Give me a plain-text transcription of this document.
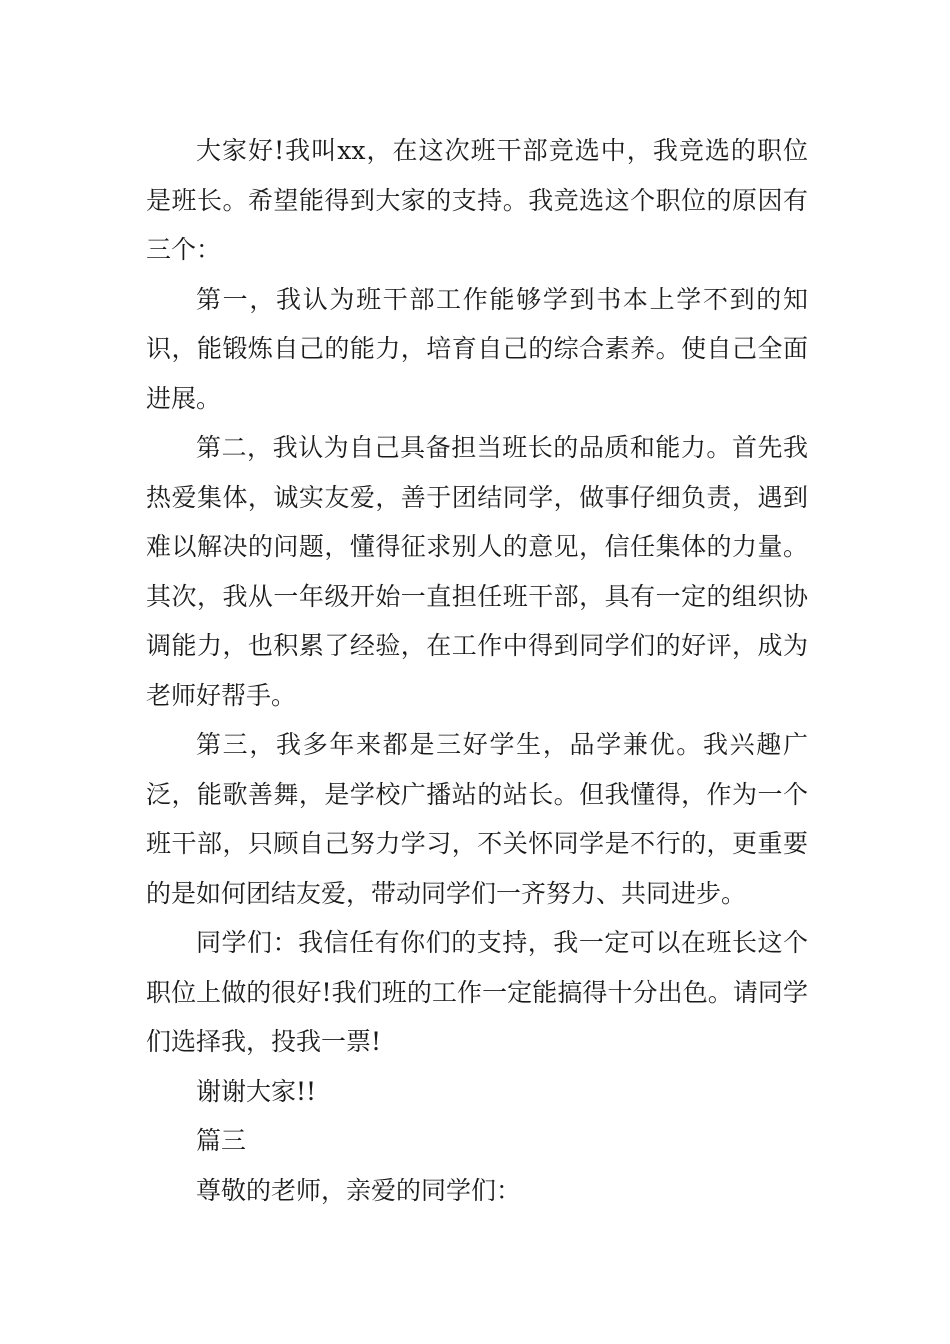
大家好!我叫xx，在这次班干部竞选中，我竞选的职位是班长。希望能得到大家的支持。我竞选这个职位的原因有三个：

第一，我认为班干部工作能够学到书本上学不到的知识，能锻炼自己的能力，培育自己的综合素养。使自己全面进展。

第二，我认为自己具备担当班长的品质和能力。首先我热爱集体，诚实友爱，善于团结同学，做事仔细负责，遇到难以解决的问题，懂得征求别人的意见，信任集体的力量。其次，我从一年级开始一直担任班干部，具有一定的组织协调能力，也积累了经验，在工作中得到同学们的好评，成为老师好帮手。

第三，我多年来都是三好学生，品学兼优。我兴趣广泛，能歌善舞，是学校广播站的站长。但我懂得，作为一个班干部，只顾自己努力学习，不关怀同学是不行的，更重要的是如何团结友爱，带动同学们一齐努力、共同进步。

同学们：我信任有你们的支持，我一定可以在班长这个职位上做的很好!我们班的工作一定能搞得十分出色。请同学们选择我，投我一票!

谢谢大家!!

篇三

尊敬的老师，亲爱的同学们：
